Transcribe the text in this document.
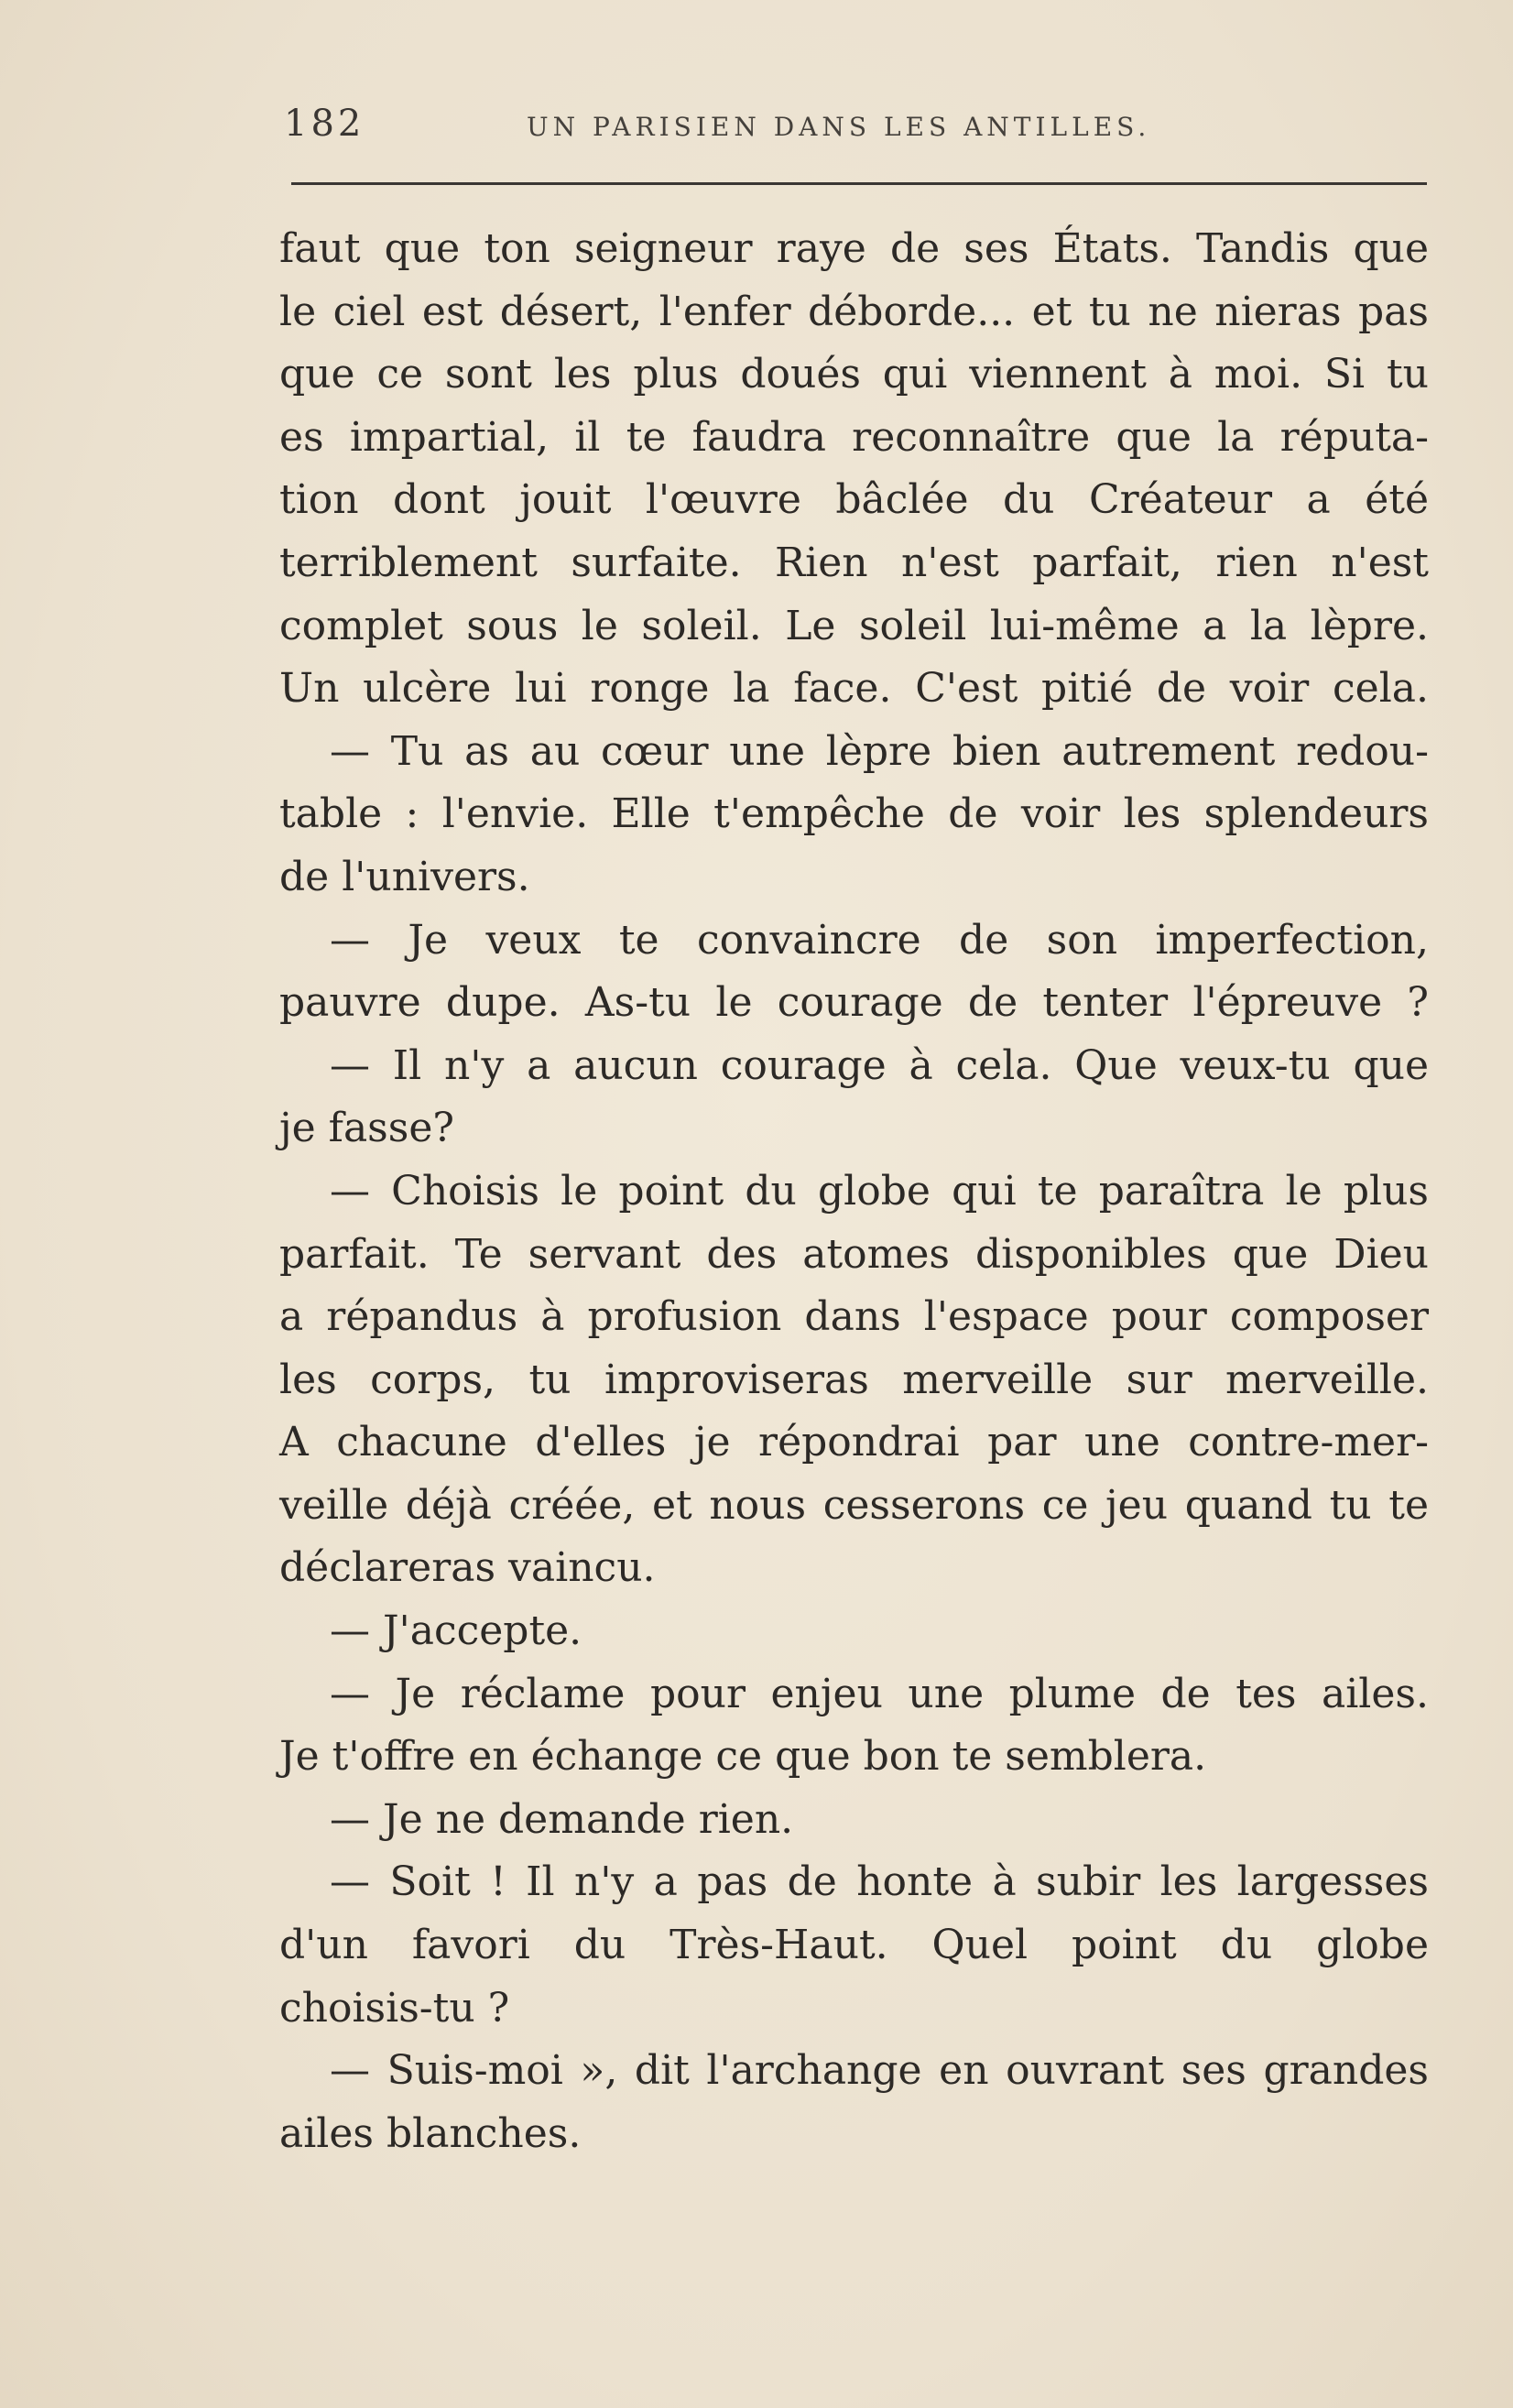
182	UN PARISIEN DANS LES ANTILLES.
faut que ton seigneur raye de ses États. Tandis que
le ciel est désert, l'enfer déborde... et tu ne nieras pas
que ce sont les plus doués qui viennent à moi. Si tu
es impartial, il te faudra reconnaître que la réputa-
tion dont jouit l'œuvre bâclée du Créateur a été
terriblement surfaite. Rien n'est parfait, rien n'est
complet sous le soleil. Le soleil lui-même a la lèpre.
Un ulcère lui ronge la face. C'est pitié de voir cela.
— Tu as au cœur une lèpre bien autrement redou-
table : l'envie. Elle t'empêche de voir les splendeurs
de l'univers.
— Je veux te convaincre de son imperfection,
pauvre dupe. As-tu le courage de tenter l'épreuve ?
— Il n'y a aucun courage à cela. Que veux-tu que
je fasse?
— Choisis le point du globe qui te paraîtra le plus
parfait. Te servant des atomes disponibles que Dieu
a répandus à profusion dans l'espace pour composer
les corps, tu improviseras merveille sur merveille.
A chacune d'elles je répondrai par une contre-mer-
veille déjà créée, et nous cesserons ce jeu quand tu te
déclareras vaincu.
— J'accepte.
— Je réclame pour enjeu une plume de tes ailes.
Je t'offre en échange ce que bon te semblera.
— Je ne demande rien.
— Soit ! Il n'y a pas de honte à subir les largesses
d'un favori du Très-Haut. Quel point du globe
choisis-tu ?
— Suis-moi », dit l'archange en ouvrant ses grandes
ailes blanches.
